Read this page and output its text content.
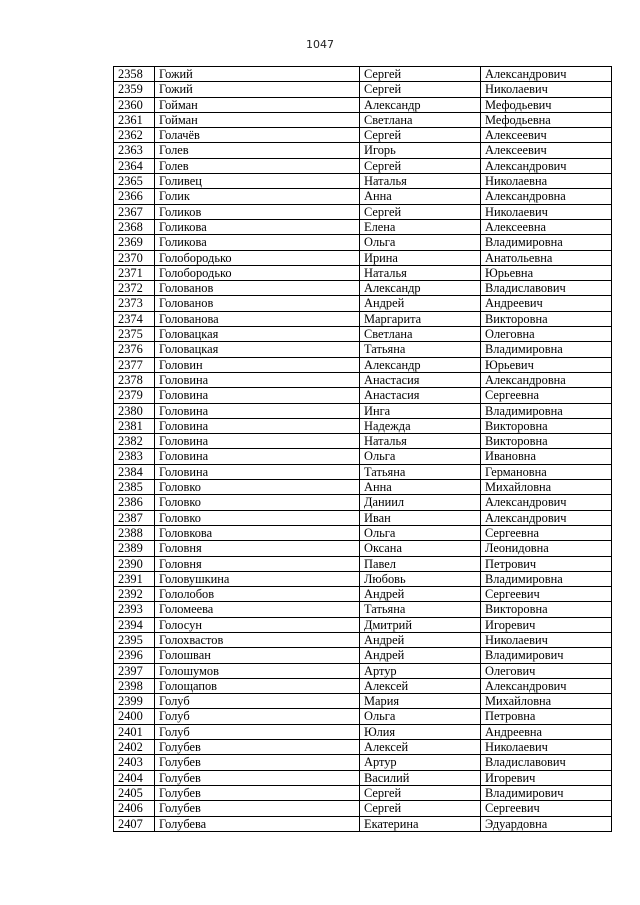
1047
2358	Гожий	Сергей	Александрович
2359	Гожий	Сергей	Николаевич
2360	Гойман	Александр	Мефодьевич
2361	Гойман	Светлана	Мефодьевна
2362	Голачёв	Сергей	Алексеевич
2363	Голев	Игорь	Алексеевич
2364	Голев	Сергей	Александрович
2365	Голивец	Наталья	Николаевна
2366	Голик	Анна	Александровна
2367	Голиков	Сергей	Николаевич
2368	Голикова	Елена	Алексеевна
2369	Голикова	Ольга	Владимировна
2370	Голобородько	Ирина	Анатольевна
2371	Голобородько	Наталья	Юрьевна
2372	Голованов	Александр	Владиславович
2373	Голованов	Андрей	Андреевич
2374	Голованова	Маргарита	Викторовна
2375	Головацкая	Светлана	Олеговна
2376	Головацкая	Татьяна	Владимировна
2377	Головин	Александр	Юрьевич
2378	Головина	Анастасия	Александровна
2379	Головина	Анастасия	Сергеевна
2380	Головина	Инга	Владимировна
2381	Головина	Надежда	Викторовна
2382	Головина	Наталья	Викторовна
2383	Головина	Ольга	Ивановна
2384	Головина	Татьяна	Германовна
2385	Головко	Анна	Михайловна
2386	Головко	Даниил	Александрович
2387	Головко	Иван	Александрович
2388	Головкова	Ольга	Сергеевна
2389	Головня	Оксана	Леонидовна
2390	Головня	Павел	Петрович
2391	Головушкина	Любовь	Владимировна
2392	Гололобов	Андрей	Сергеевич
2393	Голомеева	Татьяна	Викторовна
2394	Голосун	Дмитрий	Игоревич
2395	Голохвастов	Андрей	Николаевич
2396	Голошван	Андрей	Владимирович
2397	Голошумов	Артур	Олегович
2398	Голощапов	Алексей	Александрович
2399	Голуб	Мария	Михайловна
2400	Голуб	Ольга	Петровна
2401	Голуб	Юлия	Андреевна
2402	Голубев	Алексей	Николаевич
2403	Голубев	Артур	Владиславович
2404	Голубев	Василий	Игоревич
2405	Голубев	Сергей	Владимирович
2406	Голубев	Сергей	Сергеевич
2407	Голубева	Екатерина	Эдуардовна
